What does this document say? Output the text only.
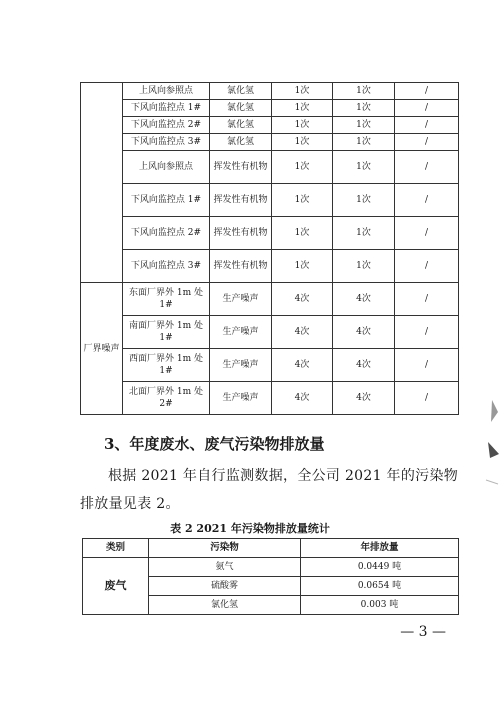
	上风向参照点	氯化氢	1次	1次	/
	下风向监控点 1#	氯化氢	1次	1次	/
	下风向监控点 2#	氯化氢	1次	1次	/
	下风向监控点 3#	氯化氢	1次	1次	/
	上风向参照点	挥发性有机物	1次	1次	/
	下风向监控点 1#	挥发性有机物	1次	1次	/
	下风向监控点 2#	挥发性有机物	1次	1次	/
	下风向监控点 3#	挥发性有机物	1次	1次	/
厂界噪声	东面厂界外 1m 处 1#	生产噪声	4次	4次	/
	南面厂界外 1m 处 1#	生产噪声	4次	4次	/
	西面厂界外 1m 处 1#	生产噪声	4次	4次	/
	北面厂界外 1m 处 2#	生产噪声	4次	4次	/
3、年度废水、废气污染物排放量

根据 2021 年自行监测数据，全公司 2021 年的污染物排放量见表 2。

表 2 2021 年污染物排放量统计

类别	污染物	年排放量
废气	氨气	0.0449 吨
	硫酸雾	0.0654 吨
	氯化氢	0.003 吨
— 3 —
